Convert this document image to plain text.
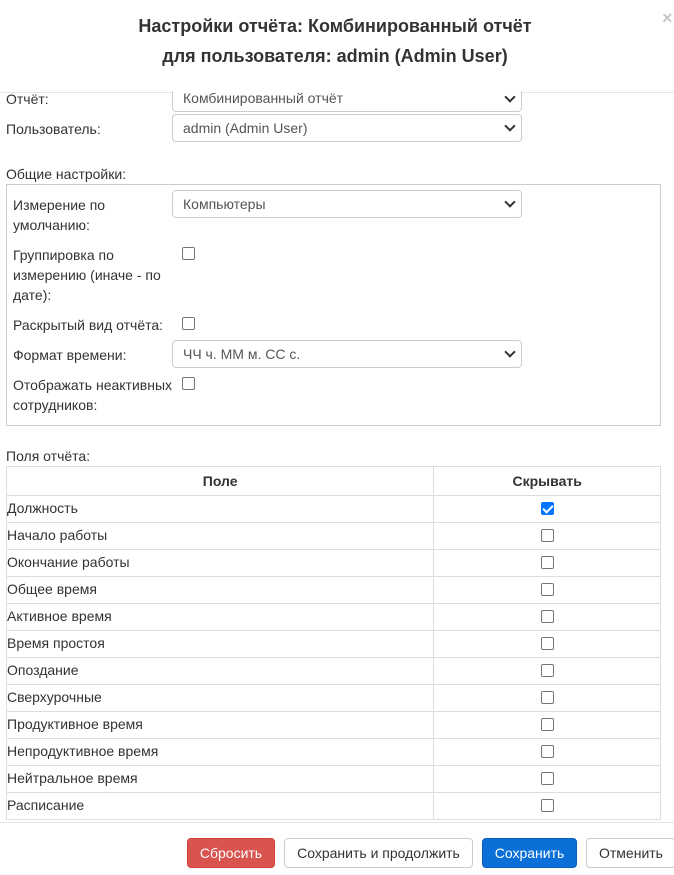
Настройки отчёта: Комбинированный отчёт
для пользователя: admin (Admin User)
×
Отчёт:	Комбинированный отчёт
Пользователь:	admin (Admin User)
Общие настройки:
Измерение по умолчанию:
Компьютеры
Группировка по измерению (иначе - по дате):
Раскрытый вид отчёта:
Формат времени:	ЧЧ ч. ММ м. СС с.
Отображать неактивных сотрудников:
Поля отчёта:
Поле	Скрывать
Должность	
Начало работы	
Окончание работы	
Общее время	
Активное время	
Время простоя	
Опоздание	
Сверхурочные	
Продуктивное время	
Непродуктивное время	
Нейтральное время	
Расписание	
Сбросить	Сохранить и продолжить	Сохранить	Отменить
